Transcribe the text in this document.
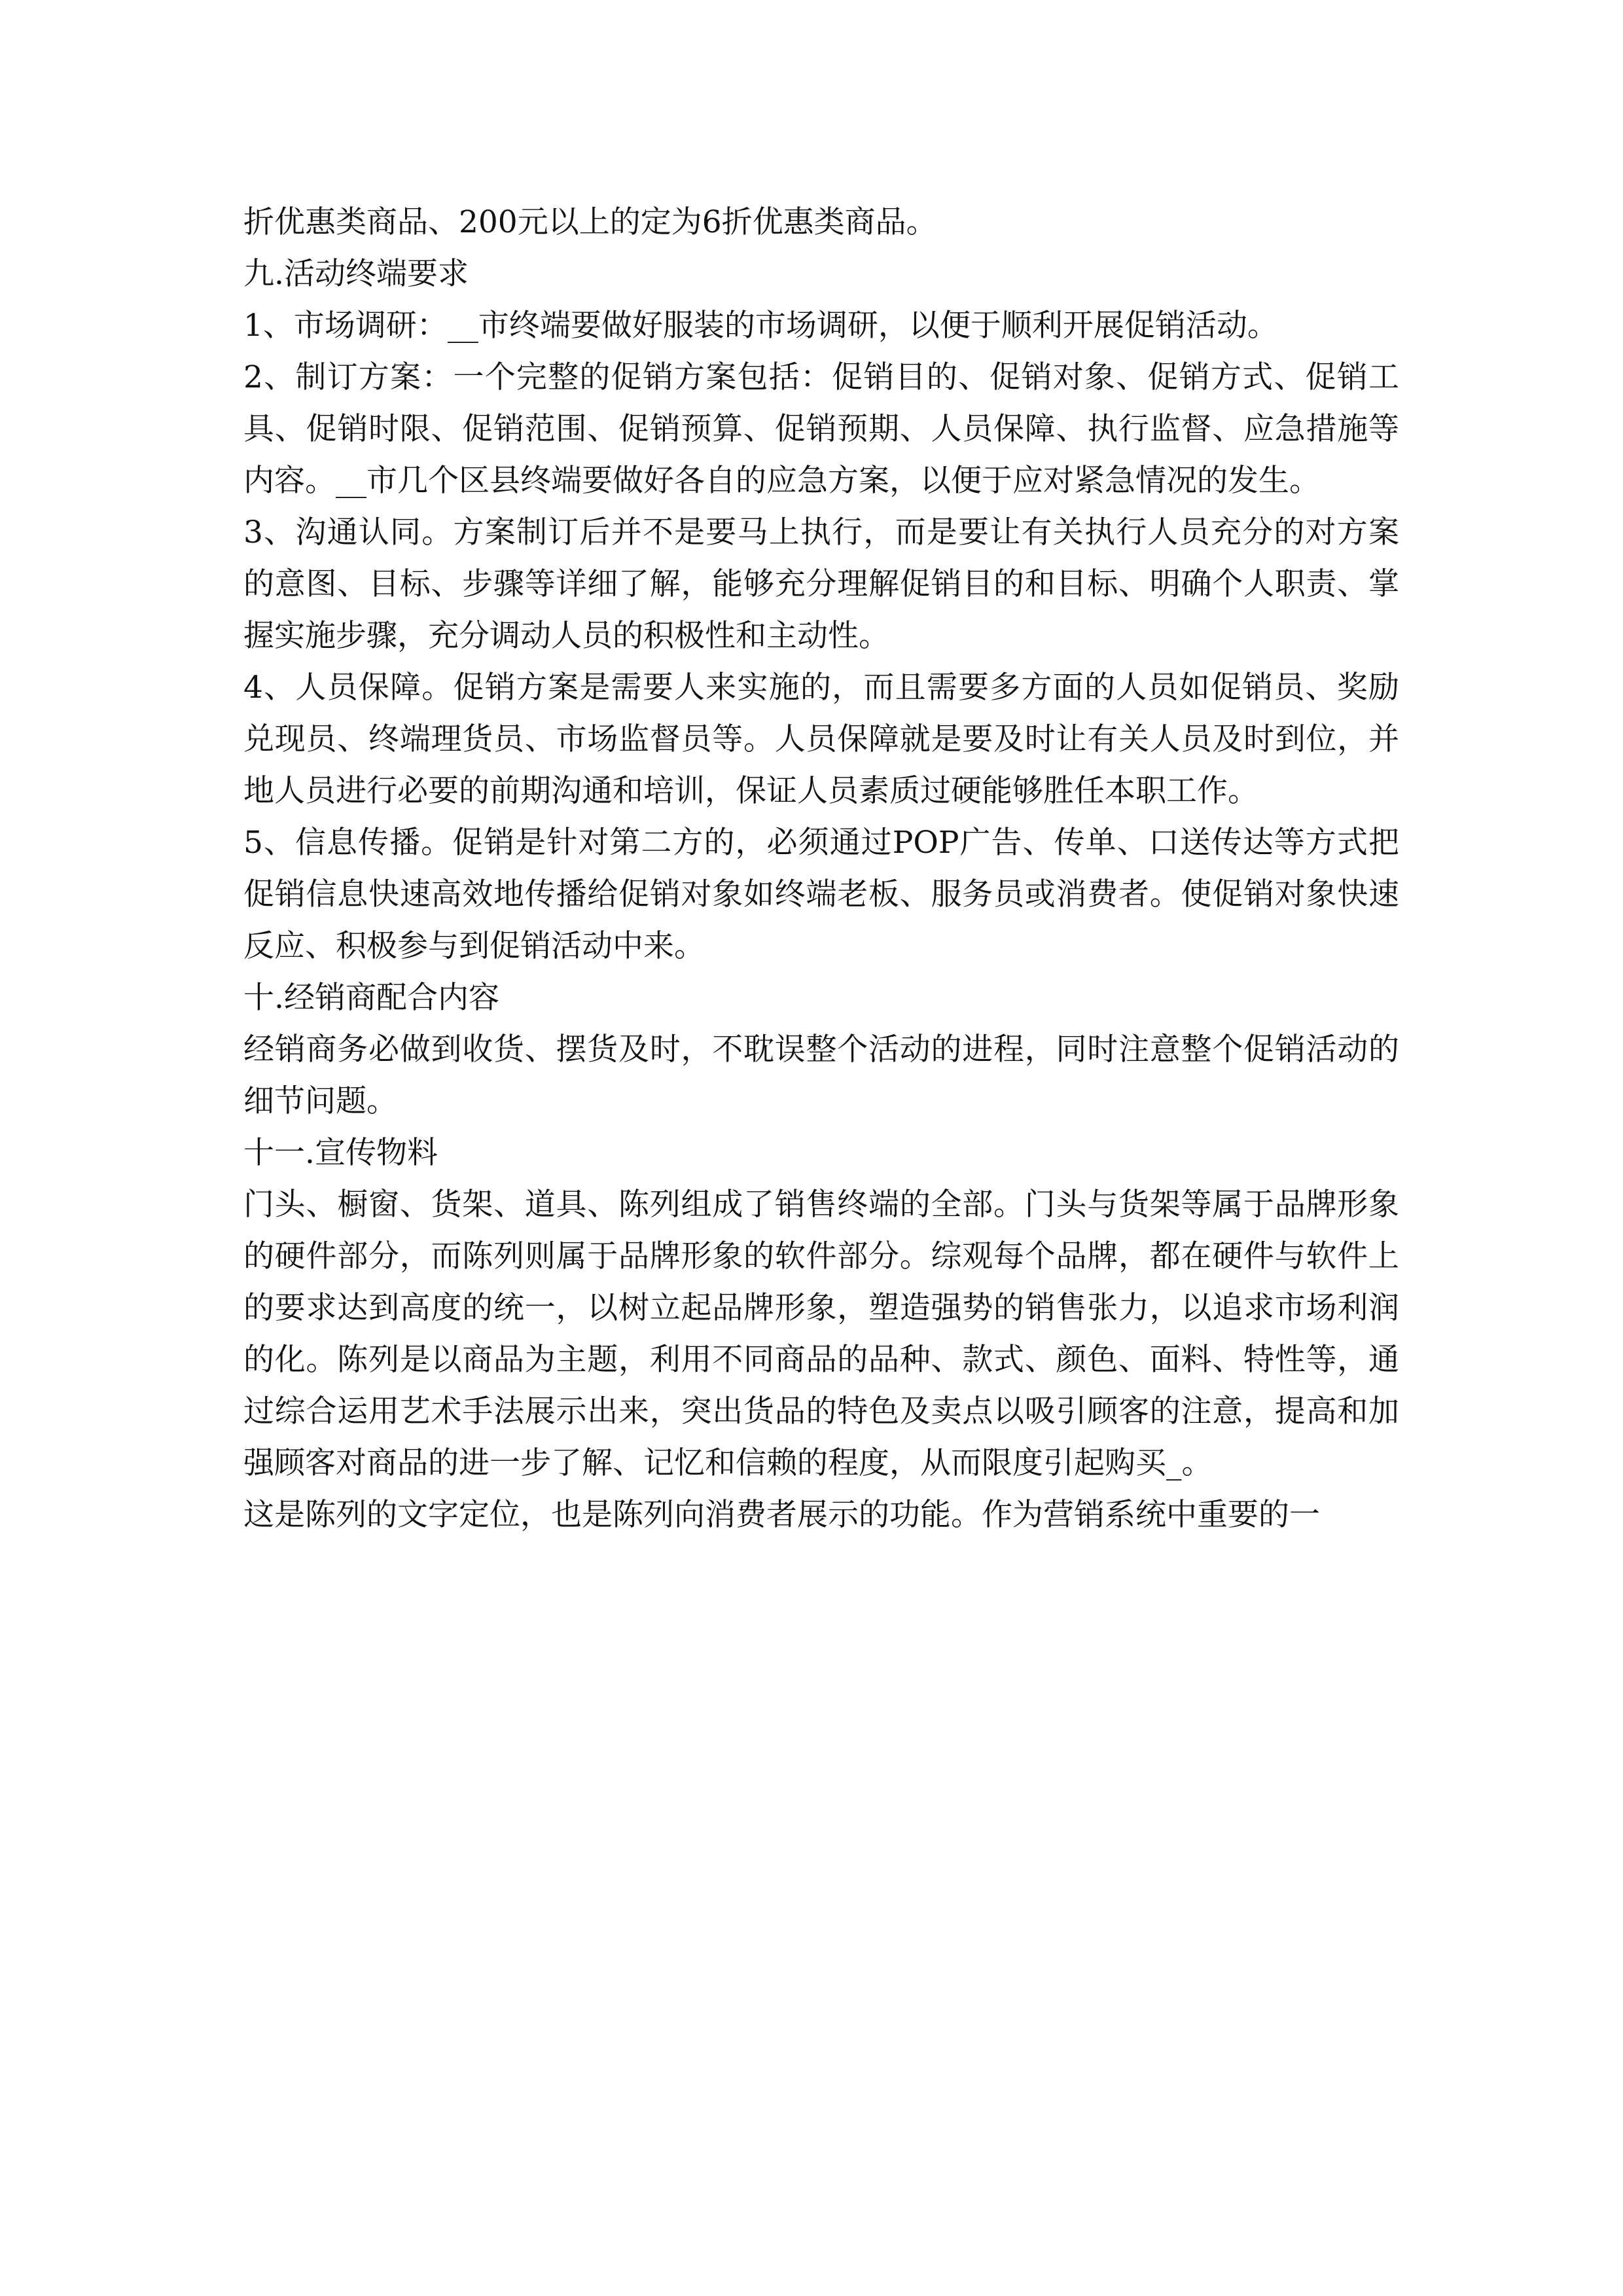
折优惠类商品、200元以上的定为6折优惠类商品。

九.活动终端要求

1、市场调研：__市终端要做好服装的市场调研，以便于顺利开展促销活动。

2、制订方案：一个完整的促销方案包括：促销目的、促销对象、促销方式、促销工具、促销时限、促销范围、促销预算、促销预期、人员保障、执行监督、应急措施等内容。__市几个区县终端要做好各自的应急方案，以便于应对紧急情况的发生。

3、沟通认同。方案制订后并不是要马上执行，而是要让有关执行人员充分的对方案的意图、目标、步骤等详细了解，能够充分理解促销目的和目标、明确个人职责、掌握实施步骤，充分调动人员的积极性和主动性。

4、人员保障。促销方案是需要人来实施的，而且需要多方面的人员如促销员、奖励兑现员、终端理货员、市场监督员等。人员保障就是要及时让有关人员及时到位，并地人员进行必要的前期沟通和培训，保证人员素质过硬能够胜任本职工作。

5、信息传播。促销是针对第二方的，必须通过POP广告、传单、口送传达等方式把促销信息快速高效地传播给促销对象如终端老板、服务员或消费者。使促销对象快速反应、积极参与到促销活动中来。

十.经销商配合内容

经销商务必做到收货、摆货及时，不耽误整个活动的进程，同时注意整个促销活动的细节问题。

十一.宣传物料

门头、橱窗、货架、道具、陈列组成了销售终端的全部。门头与货架等属于品牌形象的硬件部分，而陈列则属于品牌形象的软件部分。综观每个品牌，都在硬件与软件上的要求达到高度的统一，以树立起品牌形象，塑造强势的销售张力，以追求市场利润的化。陈列是以商品为主题，利用不同商品的品种、款式、颜色、面料、特性等，通过综合运用艺术手法展示出来，突出货品的特色及卖点以吸引顾客的注意，提高和加强顾客对商品的进一步了解、记忆和信赖的程度，从而限度引起购买_。

这是陈列的文字定位，也是陈列向消费者展示的功能。作为营销系统中重要的一
